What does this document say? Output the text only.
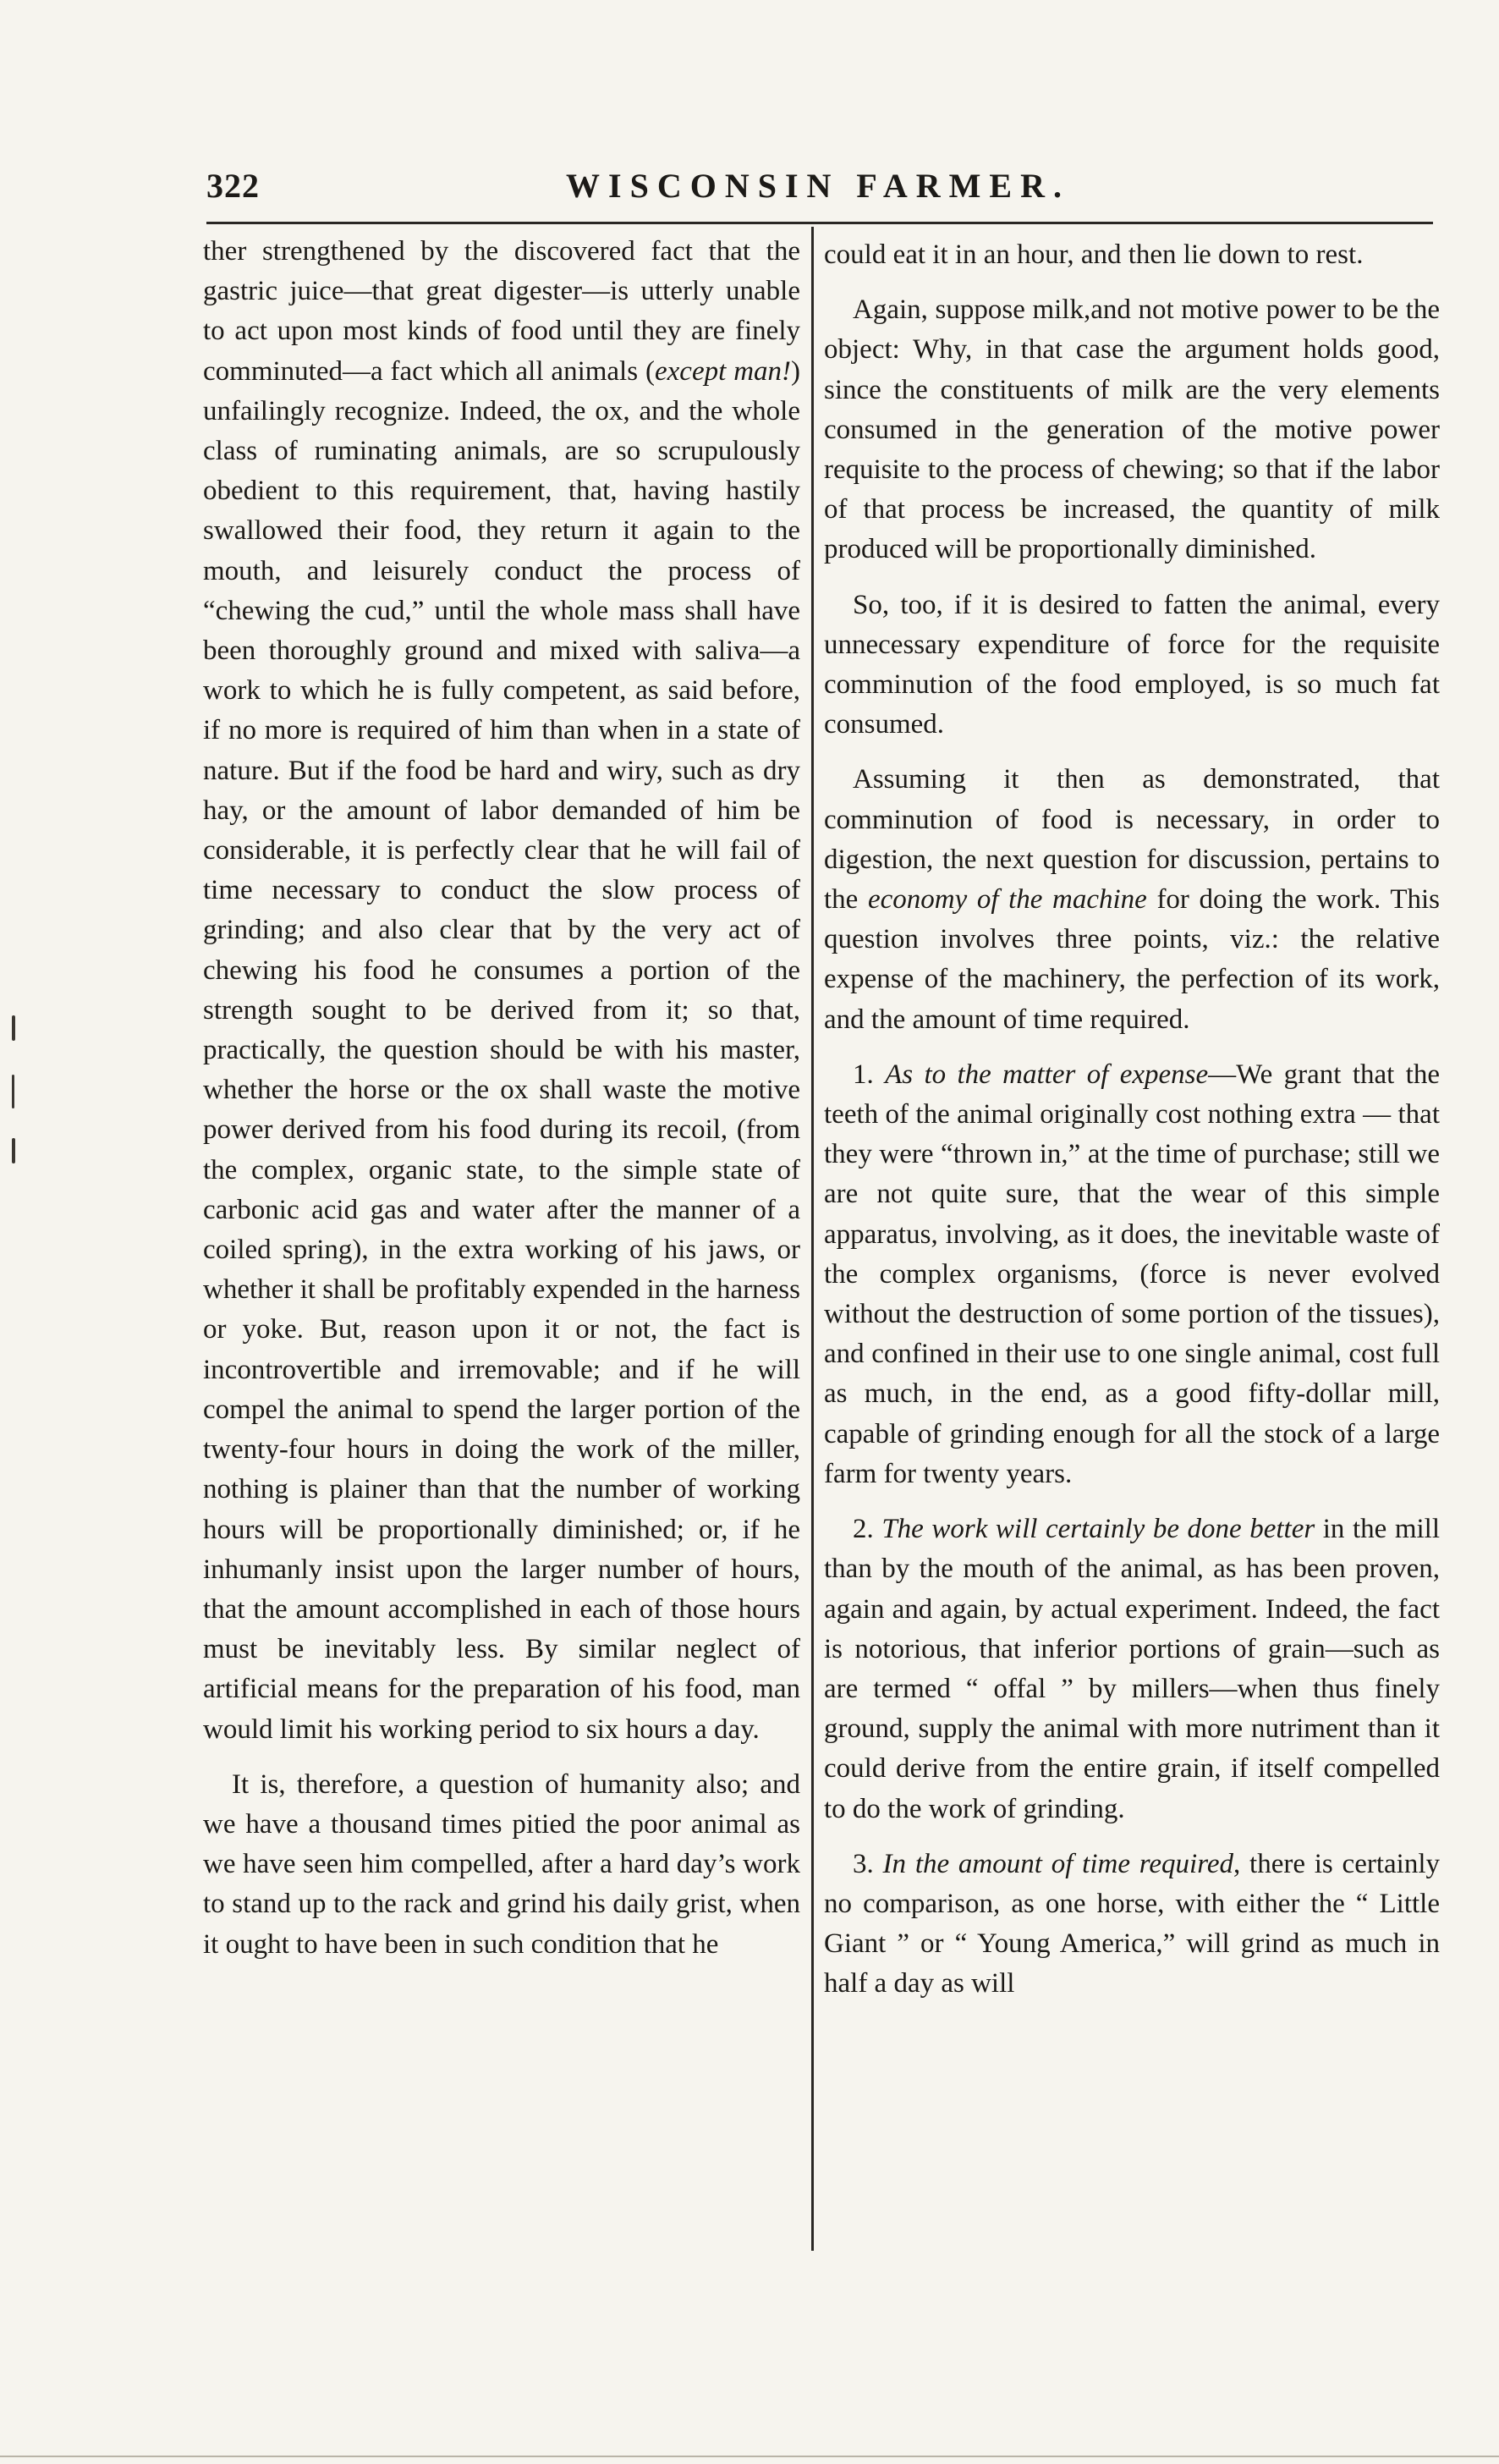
322	WISCONSIN FARMER.

ther strengthened by the discovered fact that the gastric juice—that great digester—is utterly unable to act upon most kinds of food until they are finely comminuted—a fact which all animals (except man!) unfailingly recognize. Indeed, the ox, and the whole class of ruminating animals, are so scrupulously obedient to this requirement, that, having hastily swallowed their food, they return it again to the mouth, and leisurely conduct the process of “chewing the cud,” until the whole mass shall have been thoroughly ground and mixed with saliva—a work to which he is fully competent, as said before, if no more is required of him than when in a state of nature. But if the food be hard and wiry, such as dry hay, or the amount of labor demanded of him be considerable, it is perfectly clear that he will fail of time necessary to conduct the slow process of grinding; and also clear that by the very act of chewing his food he consumes a portion of the strength sought to be derived from it; so that, practically, the question should be with his master, whether the horse or the ox shall waste the motive power derived from his food during its recoil, (from the complex, organic state, to the simple state of carbonic acid gas and water after the manner of a coiled spring), in the extra working of his jaws, or whether it shall be profitably expended in the harness or yoke. But, reason upon it or not, the fact is incontrovertible and irremovable; and if he will compel the animal to spend the larger portion of the twenty-four hours in doing the work of the miller, nothing is plainer than that the number of working hours will be proportionally diminished; or, if he inhumanly insist upon the larger number of hours, that the amount accomplished in each of those hours must be inevitably less. By similar neglect of artificial means for the preparation of his food, man would limit his working period to six hours a day.

It is, therefore, a question of humanity also; and we have a thousand times pitied the poor animal as we have seen him compelled, after a hard day’s work to stand up to the rack and grind his daily grist, when it ought to have been in such condition that he

could eat it in an hour, and then lie down to rest.

Again, suppose milk,and not motive power to be the object: Why, in that case the argument holds good, since the constituents of milk are the very elements consumed in the generation of the motive power requisite to the process of chewing; so that if the labor of that process be increased, the quantity of milk produced will be proportionally diminished.

So, too, if it is desired to fatten the animal, every unnecessary expenditure of force for the requisite comminution of the food employed, is so much fat consumed.

Assuming it then as demonstrated, that comminution of food is necessary, in order to digestion, the next question for discussion, pertains to the economy of the machine for doing the work. This question involves three points, viz.: the relative expense of the machinery, the perfection of its work, and the amount of time required.

1. As to the matter of expense—We grant that the teeth of the animal originally cost nothing extra — that they were “thrown in,” at the time of purchase; still we are not quite sure, that the wear of this simple apparatus, involving, as it does, the inevitable waste of the complex organisms, (force is never evolved without the destruction of some portion of the tissues), and confined in their use to one single animal, cost full as much, in the end, as a good fifty-dollar mill, capable of grinding enough for all the stock of a large farm for twenty years.

2. The work will certainly be done better in the mill than by the mouth of the animal, as has been proven, again and again, by actual experiment. Indeed, the fact is notorious, that inferior portions of grain—such as are termed “ offal ” by millers—when thus finely ground, supply the animal with more nutriment than it could derive from the entire grain, if itself compelled to do the work of grinding.

3. In the amount of time required, there is certainly no comparison, as one horse, with either the “ Little Giant ” or “ Young America,” will grind as much in half a day as will
